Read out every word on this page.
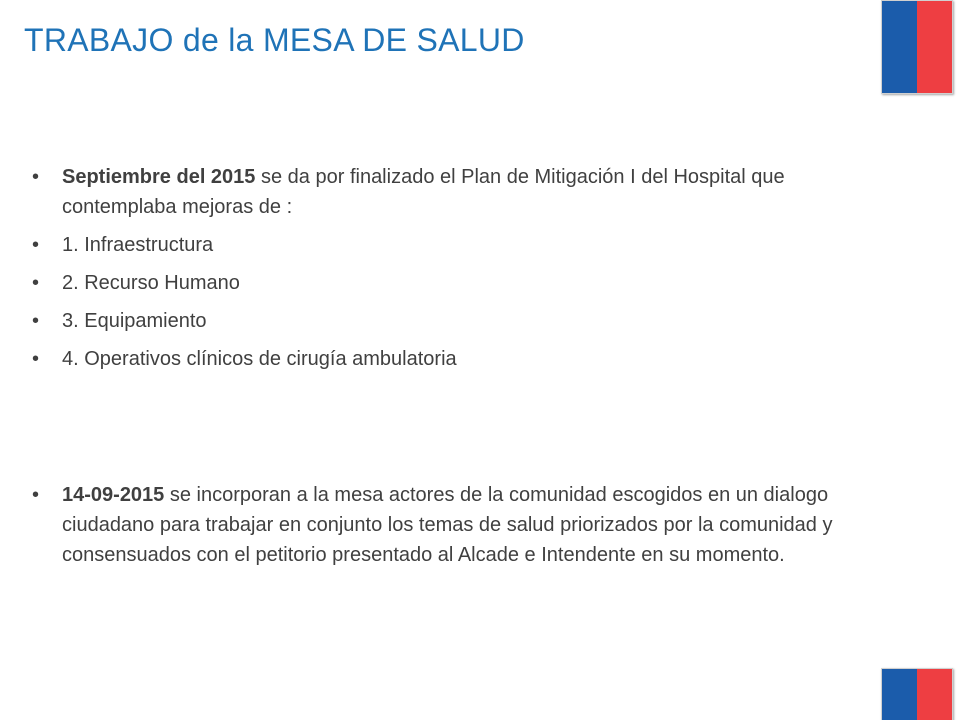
TRABAJO de la MESA DE SALUD
• Septiembre del 2015 se da por finalizado el Plan de Mitigación I del Hospital que contemplaba mejoras de :
• 1. Infraestructura
• 2. Recurso Humano
• 3. Equipamiento
• 4. Operativos clínicos de cirugía ambulatoria
• 14-09-2015 se incorporan a la mesa actores de la comunidad escogidos en un dialogo ciudadano para trabajar en conjunto los temas de salud priorizados por la comunidad y consensuados con el petitorio presentado al Alcade e Intendente en su momento.
